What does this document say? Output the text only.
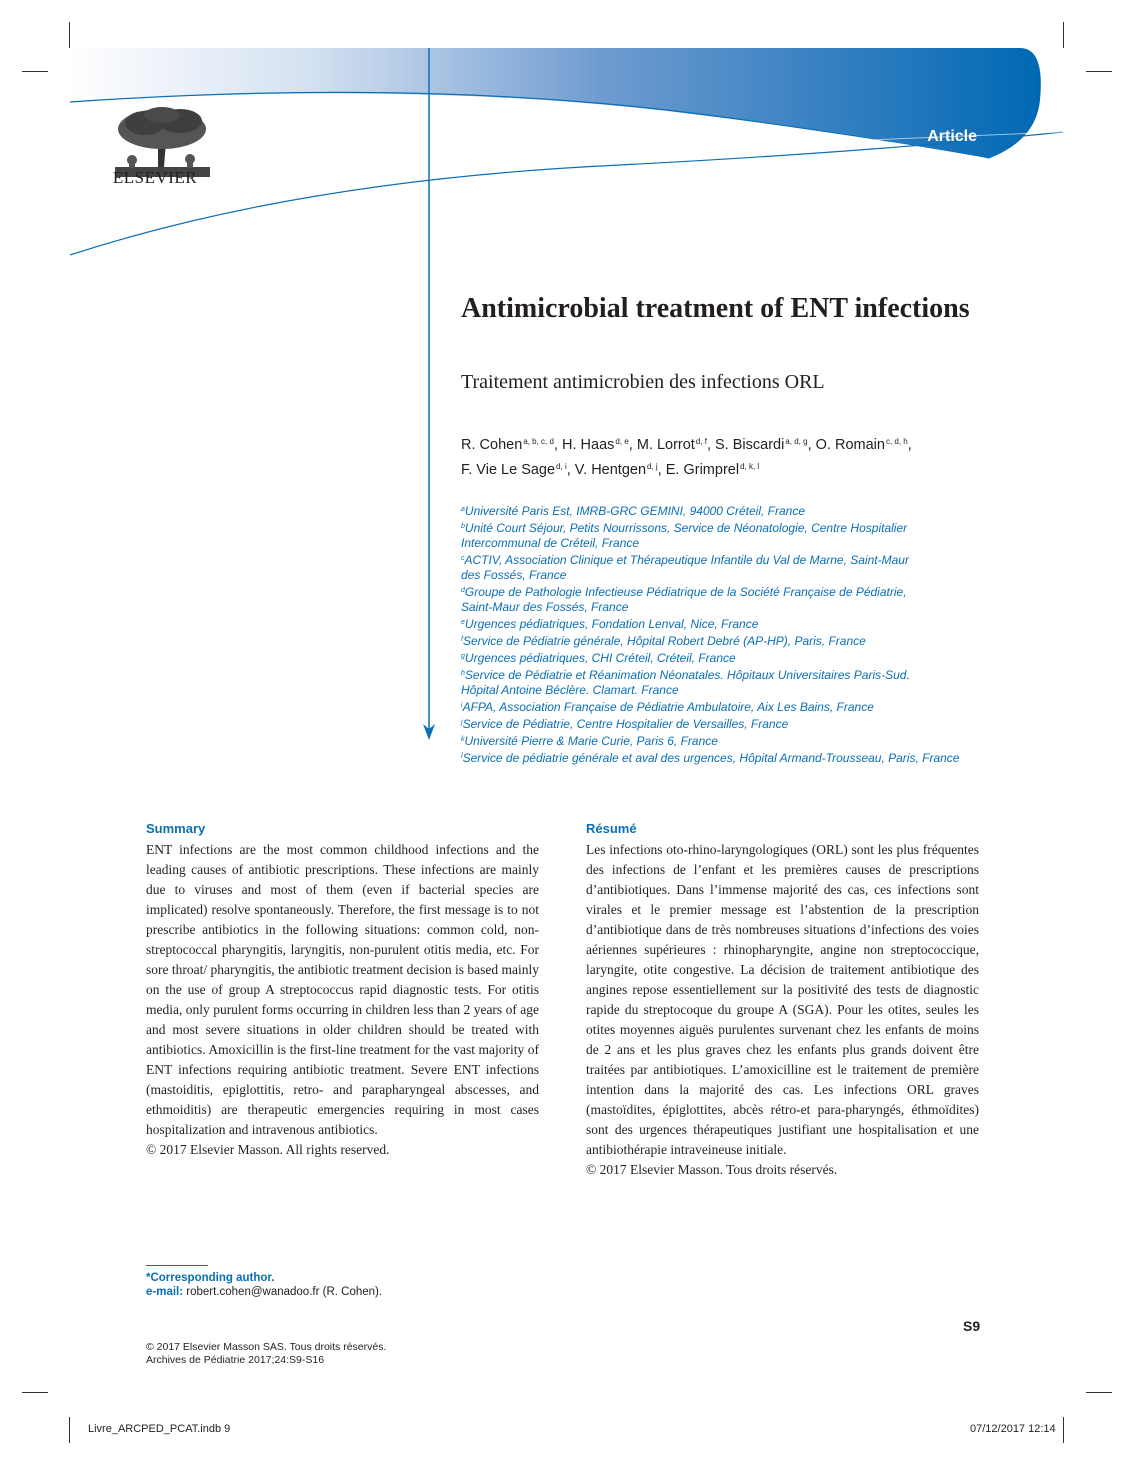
ELSEVIER
Article
Antimicrobial treatment of ENT infections
Traitement antimicrobien des infections ORL
R. Cohen$^{a, b, c, d}$, H. Haas$^{d, e}$, M. Lorrot$^{d, f}$, S. Biscardi$^{a, d, g}$, O. Romain$^{c, d, h}$,
F. Vie Le Sage$^{d, i}$, V. Hentgen$^{d, j}$, E. Grimprel$^{d, k, l}$
$^a$Université Paris Est, IMRB-GRC GEMINI, 94000 Créteil, France
$^b$Unité Court Séjour, Petits Nourrissons, Service de Néonatologie, Centre Hospitalier
Intercommunal de Créteil, France
$^c$ACTIV, Association Clinique et Thérapeutique Infantile du Val de Marne, Saint-Maur
des Fossés, France
$^d$Groupe de Pathologie Infectieuse Pédiatrique de la Société Française de Pédiatrie,
Saint-Maur des Fossés, France
$^e$Urgences pédiatriques, Fondation Lenval, Nice, France
$^f$Service de Pédiatrie générale, Hôpital Robert Debré (AP-HP), Paris, France
$^g$Urgences pédiatriques, CHI Créteil, Créteil, France
$^h$Service de Pédiatrie et Réanimation Néonatales. Hôpitaux Universitaires Paris-Sud.
Hôpital Antoine Béclère. Clamart. France
$^i$AFPA, Association Française de Pédiatrie Ambulatoire, Aix Les Bains, France
$^j$Service de Pédiatrie, Centre Hospitalier de Versailles, France
$^k$Université Pierre & Marie Curie, Paris 6, France
$^l$Service de pédiatrie générale et aval des urgences, Hôpital Armand-Trousseau, Paris, France
Summary

ENT infections are the most common childhood infections and the leading causes of antibiotic prescriptions. These infections are mainly due to viruses and most of them (even if bacterial species are implicated) resolve spontaneously. Therefore, the first message is to not prescribe antibiotics in the following situations: common cold, non-streptococcal pharyngitis, laryngitis, non-purulent otitis media, etc. For sore throat/ pharyngitis, the antibiotic treatment decision is based mainly on the use of group A streptococcus rapid diagnostic tests. For otitis media, only purulent forms occurring in children less than 2 years of age and most severe situations in older children should be treated with antibiotics. Amoxicillin is the first-line treatment for the vast majority of ENT infections requiring antibiotic treatment. Severe ENT infections (mastoiditis, epiglottitis, retro- and parapharyngeal abscesses, and ethmoiditis) are therapeutic emergencies requiring in most cases hospitalization and intravenous antibiotics.

© 2017 Elsevier Masson. All rights reserved.

Résumé

Les infections oto-rhino-laryngologiques (ORL) sont les plus fréquentes des infections de l’enfant et les premières causes de prescriptions d’antibiotiques. Dans l’immense majorité des cas, ces infections sont virales et le premier message est l’abstention de la prescription d’antibiotique dans de très nombreuses situations d’infections des voies aériennes supérieures : rhinopharyngite, angine non streptococcique, laryngite, otite congestive. La décision de traitement antibiotique des angines repose essentiellement sur la positivité des tests de diagnostic rapide du streptocoque du groupe A (SGA). Pour les otites, seules les otites moyennes aiguës purulentes survenant chez les enfants de moins de 2 ans et les plus graves chez les enfants plus grands doivent être traitées par antibiotiques. L’amoxicilline est le traitement de première intention dans la majorité des cas. Les infections ORL graves (mastoïdites, épiglottites, abcès rétro-et para-pharyngés, éthmoïdites) sont des urgences thérapeutiques justifiant une hospitalisation et une antibiothérapie intraveineuse initiale.

© 2017 Elsevier Masson. Tous droits réservés.

*Corresponding author.
e-mail: robert.cohen@wanadoo.fr (R. Cohen).
S9
© 2017 Elsevier Masson SAS. Tous droits réservés.
Archives de Pédiatrie 2017;24:S9-S16
Livre_ARCPED_PCAT.indb 9	07/12/2017 12:14
